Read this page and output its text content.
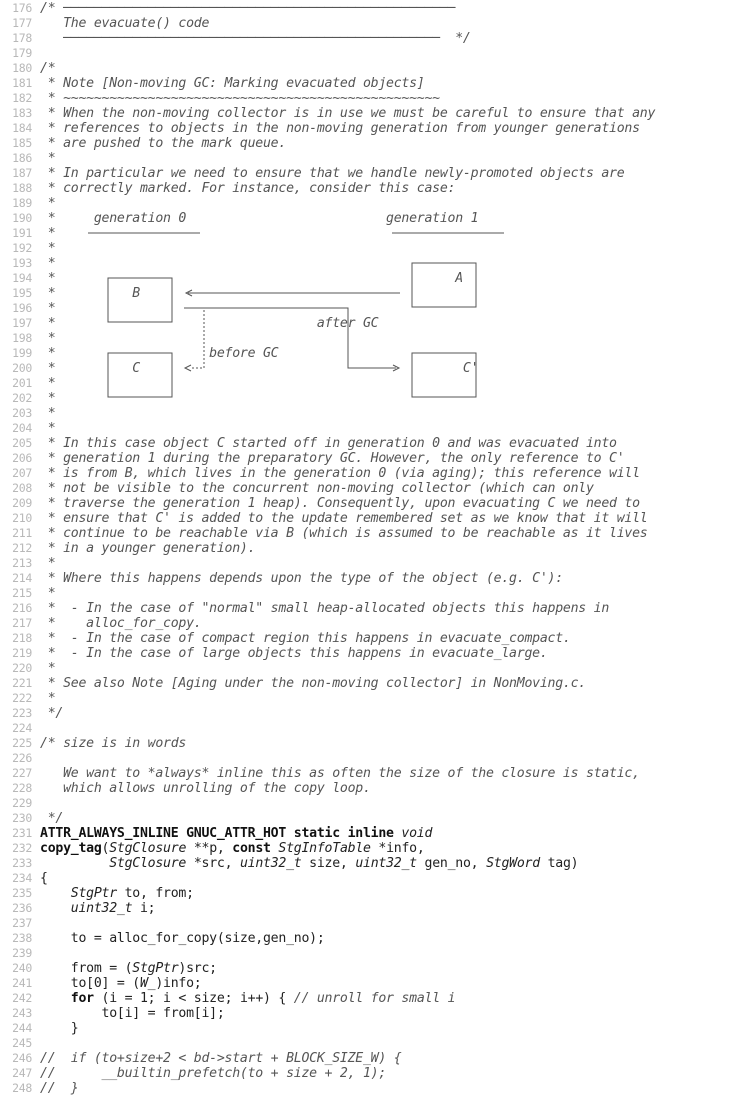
176 /* ───────────────────────────────────────────────────
177 The evacuate() code
178 ─────────────────────────────────────────────────  */
179
180 /*
181 * Note [Non-moving GC: Marking evacuated objects]
182 * ~~~~~~~~~~~~~~~~~~~~~~~~~~~~~~~~~~~~~~~~~~~~~~~~~
183 * When the non-moving collector is in use we must be careful to ensure that any
184 * references to objects in the non-moving generation from younger generations
185 * are pushed to the mark queue.
186 *
187 * In particular we need to ensure that we handle newly-promoted objects are
188 * correctly marked. For instance, consider this case:
189 *
190 *     generation 0                          generation 1
191 *
192 *
193 *
194 *                                                    A
195 *          B
196 *
197 *                                  after GC
198 *
199 *                    before GC
200 *          C                                          C'
201 *
202 *
203 *
204 *
205 * In this case object C started off in generation 0 and was evacuated into
206 * generation 1 during the preparatory GC. However, the only reference to C'
207 * is from B, which lives in the generation 0 (via aging); this reference will
208 * not be visible to the concurrent non-moving collector (which can only
209 * traverse the generation 1 heap). Consequently, upon evacuating C we need to
210 * ensure that C' is added to the update remembered set as we know that it will
211 * continue to be reachable via B (which is assumed to be reachable as it lives
212 * in a younger generation).
213 *
214 * Where this happens depends upon the type of the object (e.g. C'):
215 *
216 *  - In the case of "normal" small heap-allocated objects this happens in
217 *    alloc_for_copy.
218 *  - In the case of compact region this happens in evacuate_compact.
219 *  - In the case of large objects this happens in evacuate_large.
220 *
221 * See also Note [Aging under the non-moving collector] in NonMoving.c.
222 *
223 */
224
225 /* size is in words
226
227 We want to *always* inline this as often the size of the closure is static,
228 which allows unrolling of the copy loop.
229
230 */
231 ATTR_ALWAYS_INLINE GNUC_ATTR_HOT static inline void
232 copy_tag(StgClosure **p, const StgInfoTable *info,
233	StgClosure *src, uint32_t size, uint32_t gen_no, StgWord tag)
234 {
235	StgPtr to, from;
236	uint32_t i;
237
238 to = alloc_for_copy(size,gen_no);
239
240 from = (StgPtr)src;
241 to[0] = (W_)info;
242	for (i = 1; i < size; i++) { // unroll for small i
243 to[i] = from[i];
244 }
245
246 //  if (to+size+2 < bd->start + BLOCK_SIZE_W) {
247 //      __builtin_prefetch(to + size + 2, 1);
248 //  }
